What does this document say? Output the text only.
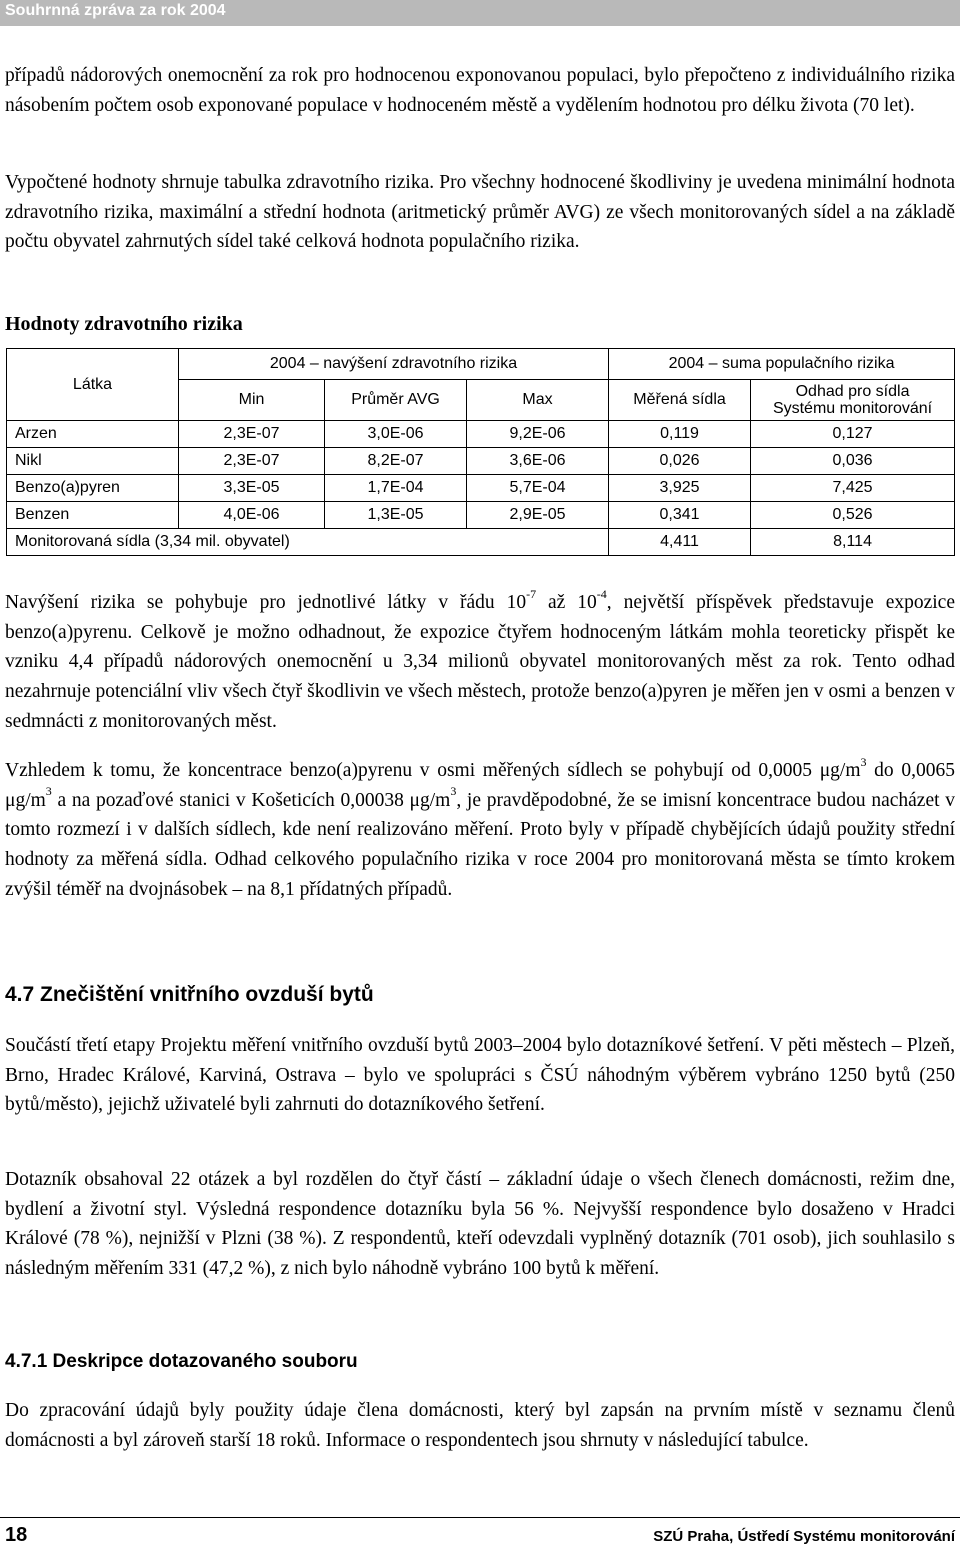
Souhrnná zpráva za rok 2004

případů nádorových onemocnění za rok pro hodnocenou exponovanou populaci, bylo přepočteno z individuálního rizika násobením počtem osob exponované populace v hodnoceném městě a vydělením hodnotou pro délku života (70 let).

Vypočtené hodnoty shrnuje tabulka zdravotního rizika. Pro všechny hodnocené škodliviny je uvedena minimální hodnota zdravotního rizika, maximální a střední hodnota (aritmetický průměr AVG) ze všech monitorovaných sídel a na základě počtu obyvatel zahrnutých sídel také celková hodnota populačního rizika.

Hodnoty zdravotního rizika
Látka	2004 – navýšení zdravotního rizika			2004 – suma populačního rizika	
	Min	Průměr AVG	Max	Měřená sídla	Odhad pro sídla
Systému monitorování
Arzen	2,3E-07	3,0E-06	9,2E-06	0,119	0,127
Nikl	2,3E-07	8,2E-07	3,6E-06	0,026	0,036
Benzo(a)pyren	3,3E-05	1,7E-04	5,7E-04	3,925	7,425
Benzen	4,0E-06	1,3E-05	2,9E-05	0,341	0,526
Monitorovaná sídla (3,34 mil. obyvatel)				4,411	8,114

Navýšení rizika se pohybuje pro jednotlivé látky v řádu $10^{-7}$ až $10^{-4}$, největší příspěvek představuje expozice benzo(a)pyrenu. Celkově je možno odhadnout, že expozice čtyřem hodnoceným látkám mohla teoreticky přispět ke vzniku 4,4 případů nádorových onemocnění u 3,34 milionů obyvatel monitorovaných měst za rok. Tento odhad nezahrnuje potenciální vliv všech čtyř škodlivin ve všech městech, protože benzo(a)pyren je měřen jen v osmi a benzen v sedmnácti z monitorovaných měst.

Vzhledem k tomu, že koncentrace benzo(a)pyrenu v osmi měřených sídlech se pohybují od 0,0005 $\mu g/m^3$ do 0,0065 $\mu g/m^3$ a na pozaďové stanici v Košeticích 0,00038 $\mu g/m^3$, je pravděpodobné, že se imisní koncentrace budou nacházet v tomto rozmezí i v dalších sídlech, kde není realizováno měření. Proto byly v případě chybějících údajů použity střední hodnoty za měřená sídla. Odhad celkového populačního rizika v roce 2004 pro monitorovaná města se tímto krokem zvýšil téměř na dvojnásobek – na 8,1 přídatných případů.

4.7 Znečištění vnitřního ovzduší bytů

Součástí třetí etapy Projektu měření vnitřního ovzduší bytů 2003–2004 bylo dotazníkové šetření. V pěti městech – Plzeň, Brno, Hradec Králové, Karviná, Ostrava – bylo ve spolupráci s ČSÚ náhodným výběrem vybráno 1250 bytů (250 bytů/město), jejichž uživatelé byli zahrnuti do dotazníkového šetření.

Dotazník obsahoval 22 otázek a byl rozdělen do čtyř částí – základní údaje o všech členech domácnosti, režim dne, bydlení a životní styl. Výsledná respondence dotazníku byla 56 %. Nejvyšší respondence bylo dosaženo v Hradci Králové (78 %), nejnižší v Plzni (38 %). Z respondentů, kteří odevzdali vyplněný dotazník (701 osob), jich souhlasilo s následným měřením 331 (47,2 %), z nich bylo náhodně vybráno 100 bytů k měření.

4.7.1 Deskripce dotazovaného souboru

Do zpracování údajů byly použity údaje člena domácnosti, který byl zapsán na prvním místě v seznamu členů domácnosti a byl zároveň starší 18 roků. Informace o respondentech jsou shrnuty v následující tabulce.

18	SZÚ Praha, Ústředí Systému monitorování
